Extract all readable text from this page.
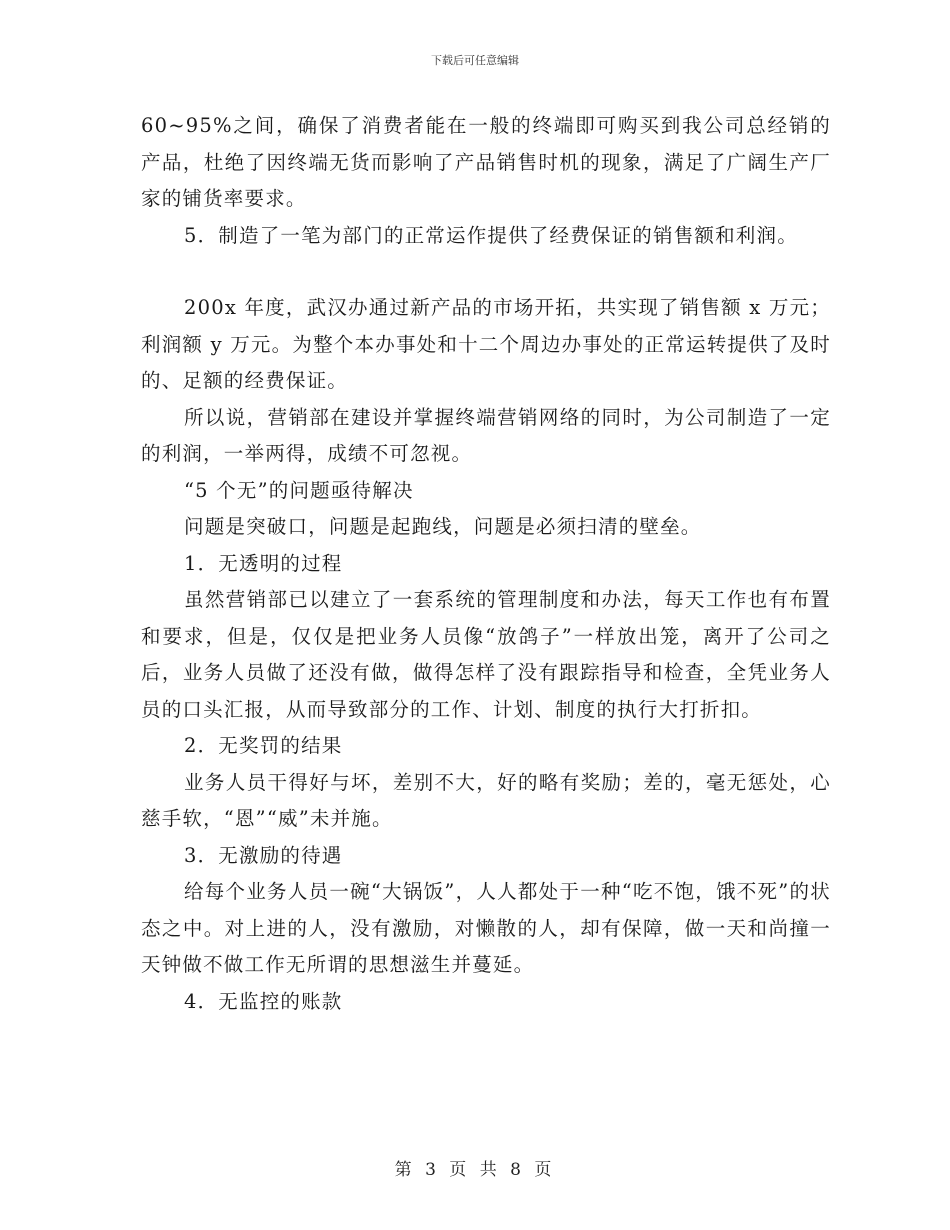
下载后可任意编辑

60~95%之间，确保了消费者能在一般的终端即可购买到我公司总经销的产品，杜绝了因终端无货而影响了产品销售时机的现象，满足了广阔生产厂家的铺货率要求。

5．制造了一笔为部门的正常运作提供了经费保证的销售额和利润。

200x 年度，武汉办通过新产品的市场开拓，共实现了销售额 x 万元；利润额 y 万元。为整个本办事处和十二个周边办事处的正常运转提供了及时的、足额的经费保证。

所以说，营销部在建设并掌握终端营销网络的同时，为公司制造了一定的利润，一举两得，成绩不可忽视。

“5 个无”的问题亟待解决

问题是突破口，问题是起跑线，问题是必须扫清的壁垒。

1．无透明的过程

虽然营销部已以建立了一套系统的管理制度和办法，每天工作也有布置和要求，但是，仅仅是把业务人员像“放鸽子”一样放出笼，离开了公司之后，业务人员做了还没有做，做得怎样了没有跟踪指导和检查，全凭业务人员的口头汇报，从而导致部分的工作、计划、制度的执行大打折扣。

2．无奖罚的结果

业务人员干得好与坏，差别不大，好的略有奖励；差的，毫无惩处，心慈手软，“恩”“威”未并施。

3．无激励的待遇

给每个业务人员一碗“大锅饭”，人人都处于一种“吃不饱，饿不死”的状态之中。对上进的人，没有激励，对懒散的人，却有保障，做一天和尚撞一天钟做不做工作无所谓的思想滋生并蔓延。

4．无监控的账款

第 3 页 共 8 页
